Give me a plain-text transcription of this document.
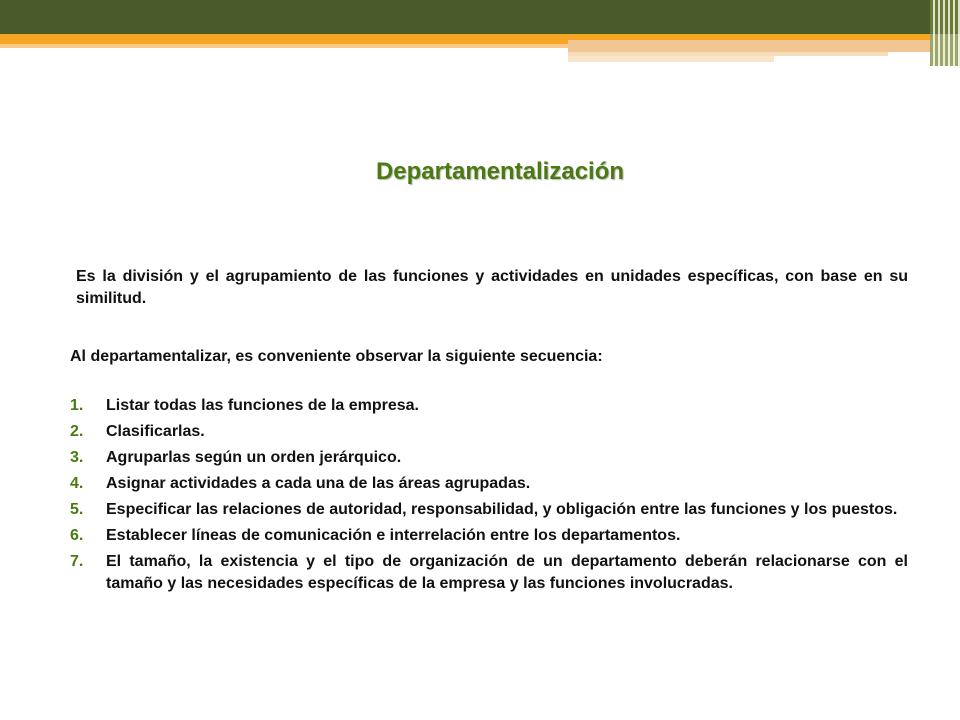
Departamentalización
Es la división y el agrupamiento de las funciones y actividades en unidades específicas, con base en su similitud.
Al departamentalizar, es conveniente observar la siguiente secuencia:
1.	Listar todas las funciones de la empresa.
2.	Clasificarlas.
3.	Agruparlas según un orden jerárquico.
4.	Asignar actividades a cada una de las áreas agrupadas.
5.	Especificar las relaciones de autoridad, responsabilidad, y obligación entre las funciones y los puestos.
6.	Establecer líneas de comunicación e interrelación entre los departamentos.
7.	El tamaño, la existencia y el tipo de organización de un departamento deberán relacionarse con el tamaño y las necesidades específicas de la empresa y las funciones involucradas.
